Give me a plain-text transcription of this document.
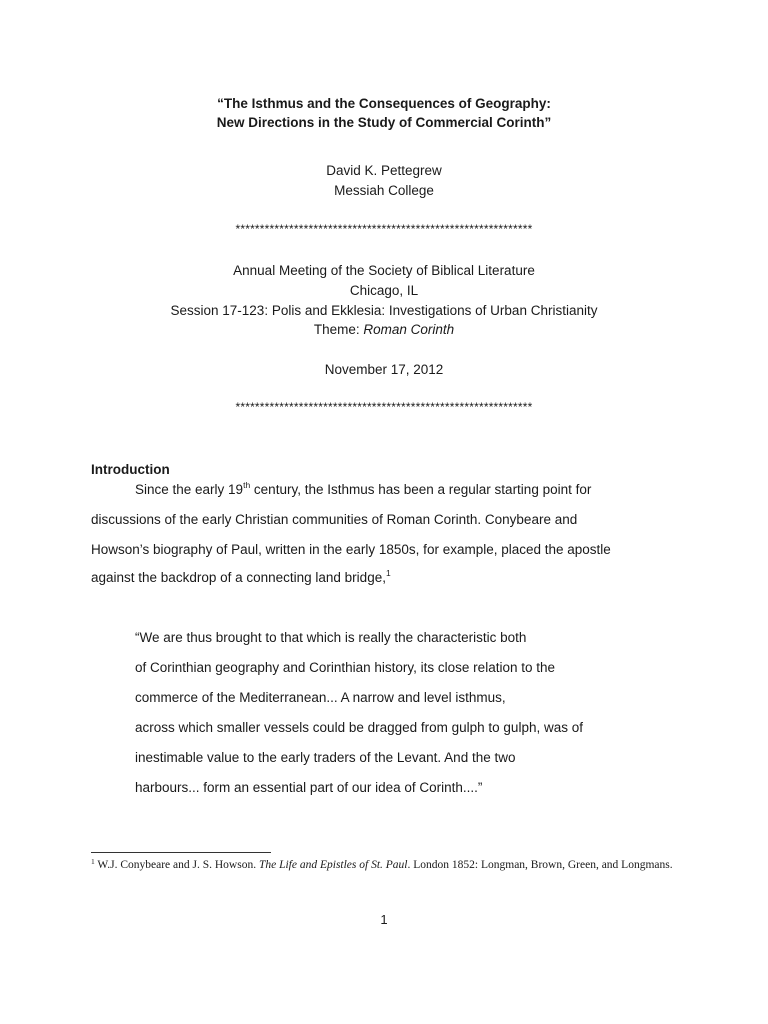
“The Isthmus and the Consequences of Geography:
New Directions in the Study of Commercial Corinth”
David K. Pettegrew
Messiah College
*************************************************************
Annual Meeting of the Society of Biblical Literature
Chicago, IL
Session 17-123: Polis and Ekklesia: Investigations of Urban Christianity
Theme: Roman Corinth
November 17, 2012
*************************************************************
Introduction
Since the early 19th century, the Isthmus has been a regular starting point for
discussions of the early Christian communities of Roman Corinth. Conybeare and
Howson’s biography of Paul, written in the early 1850s, for example, placed the apostle
against the backdrop of a connecting land bridge,$^1$
“We are thus brought to that which is really the characteristic both
of Corinthian geography and Corinthian history, its close relation to the
commerce of the Mediterranean... A narrow and level isthmus,
across which smaller vessels could be dragged from gulph to gulph, was of
inestimable value to the early traders of the Levant. And the two
harbours... form an essential part of our idea of Corinth....”
$^1$ W.J. Conybeare and J. S. Howson. The Life and Epistles of St. Paul. London 1852: Longman, Brown, Green, and Longmans.
1
